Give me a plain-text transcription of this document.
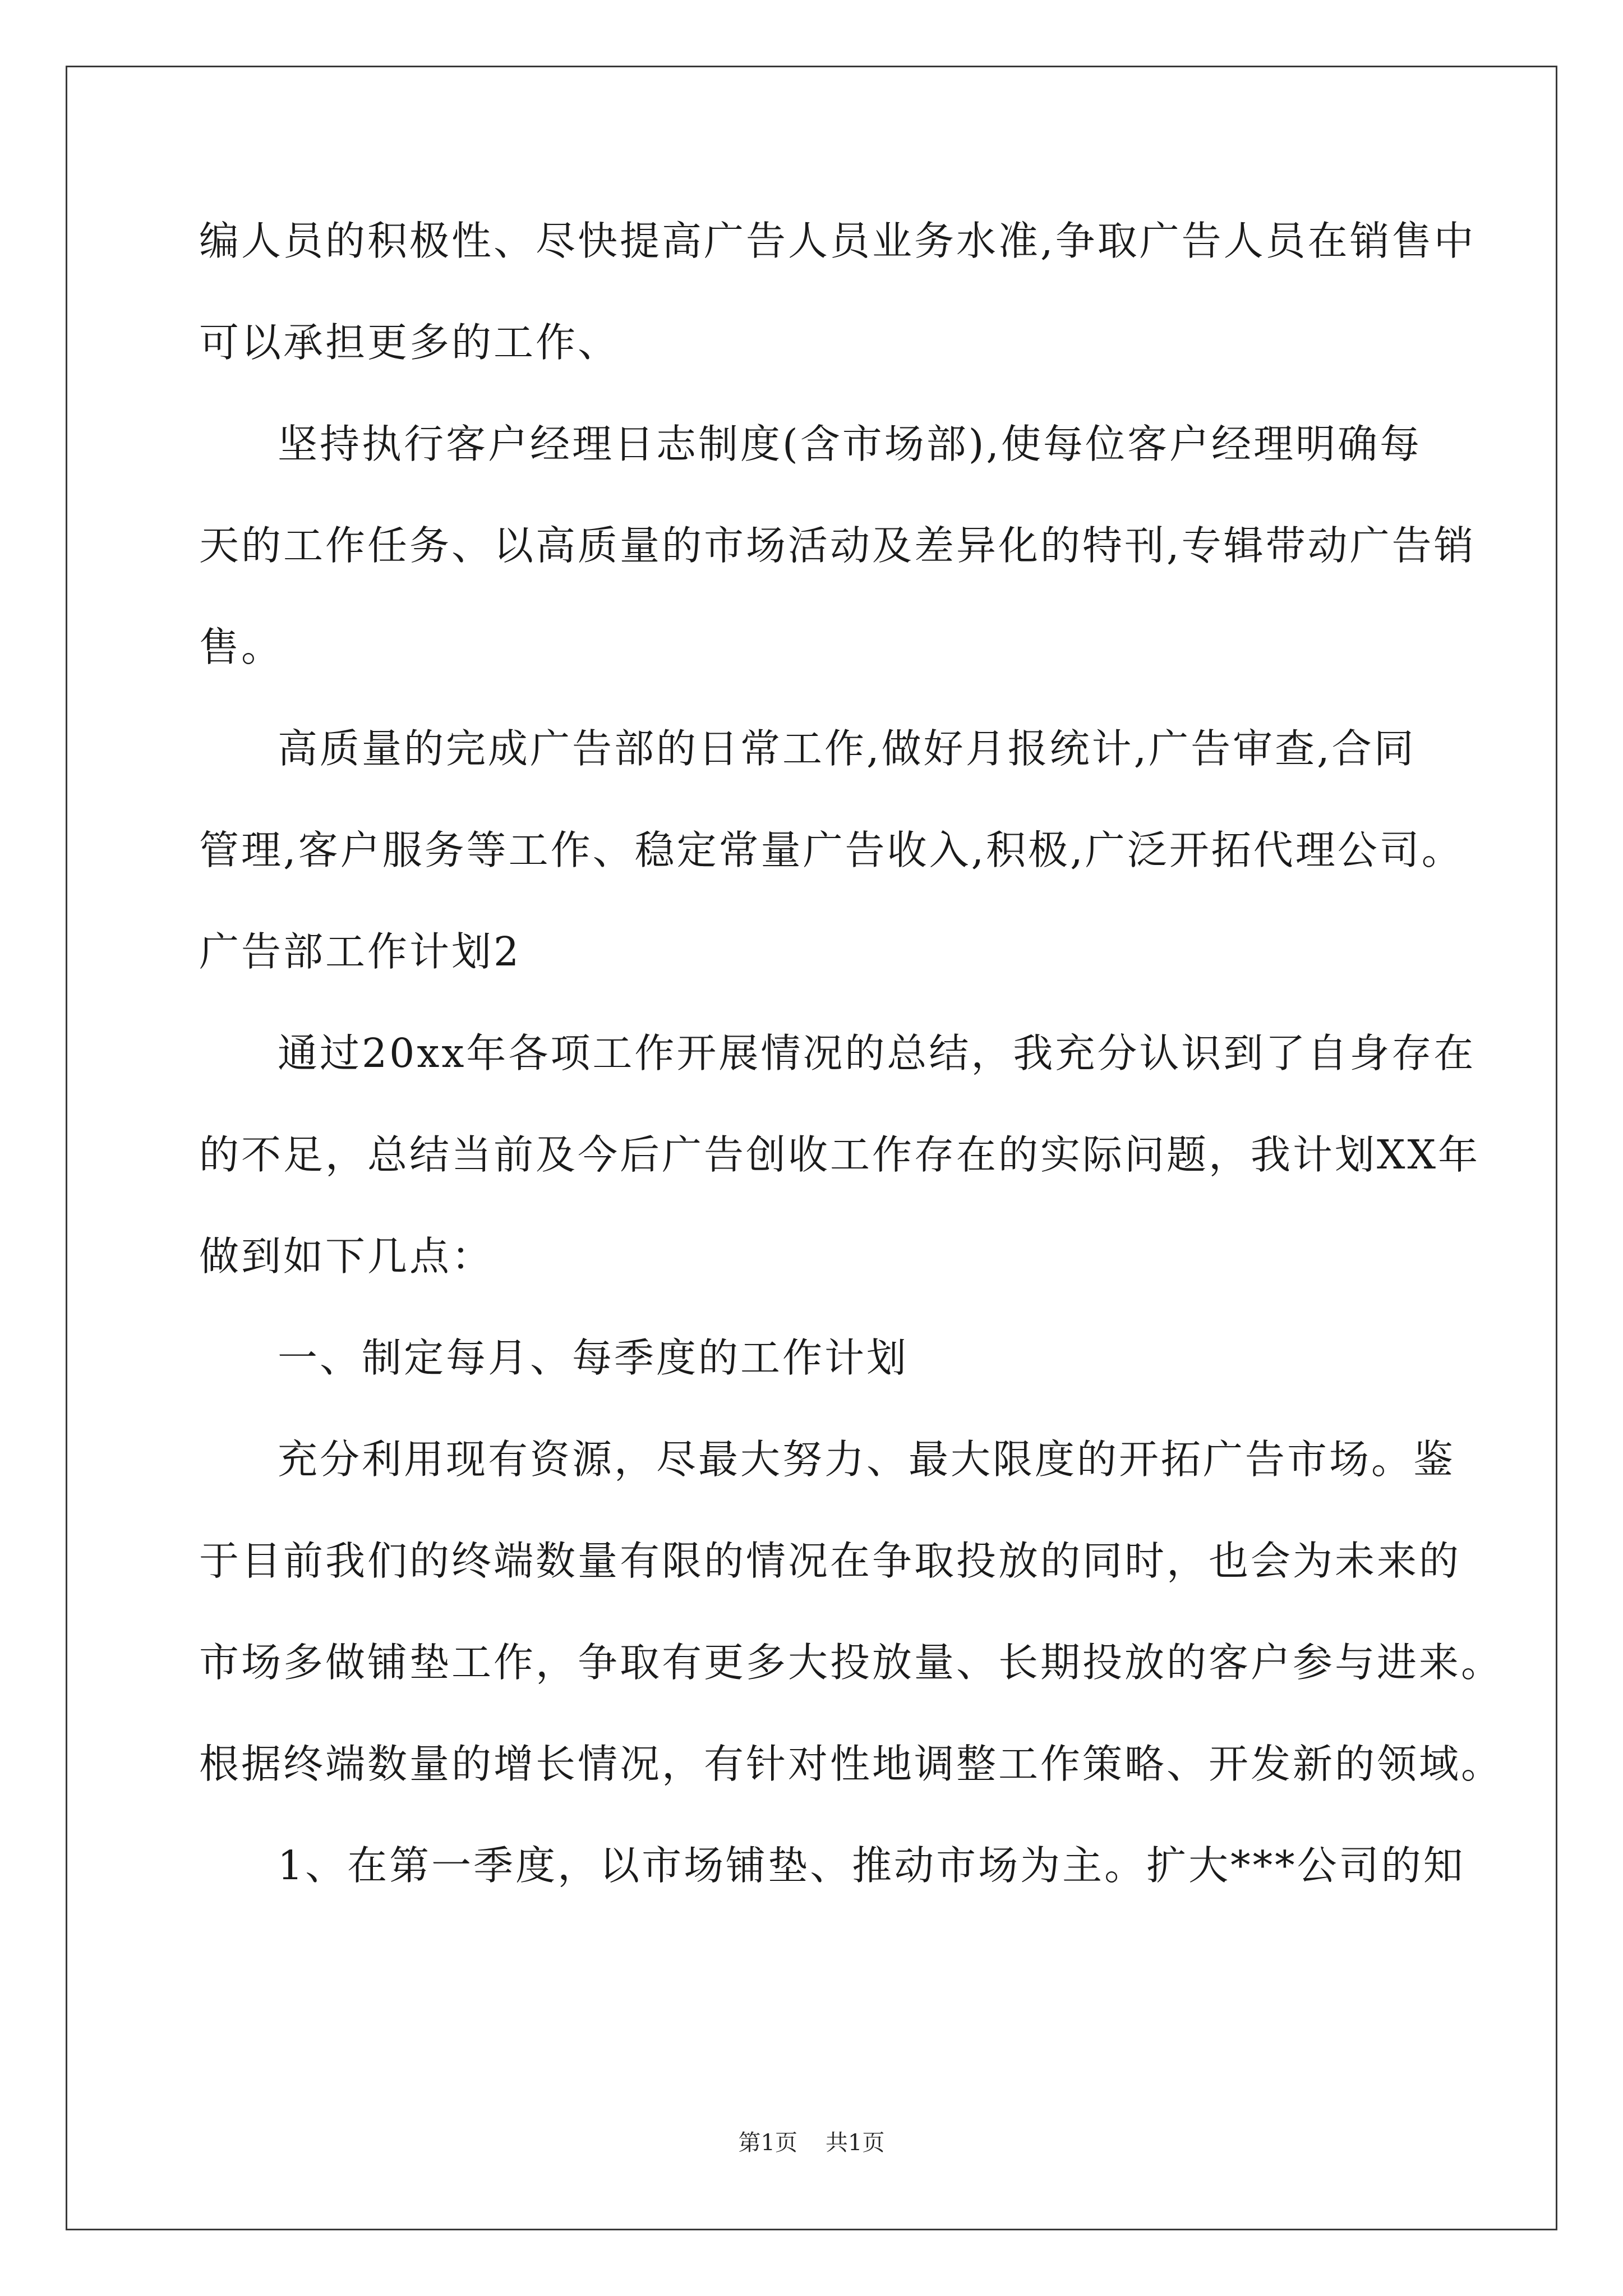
编人员的积极性、尽快提高广告人员业务水准,争取广告人员在销售中
可以承担更多的工作、
坚持执行客户经理日志制度(含市场部),使每位客户经理明确每
天的工作任务、以高质量的市场活动及差异化的特刊,专辑带动广告销
售。
高质量的完成广告部的日常工作,做好月报统计,广告审查,合同
管理,客户服务等工作、稳定常量广告收入,积极,广泛开拓代理公司。
广告部工作计划2
通过20xx年各项工作开展情况的总结，我充分认识到了自身存在
的不足，总结当前及今后广告创收工作存在的实际问题，我计划XX年
做到如下几点：
一、制定每月、每季度的工作计划
充分利用现有资源，尽最大努力、最大限度的开拓广告市场。鉴
于目前我们的终端数量有限的情况在争取投放的同时，也会为未来的
市场多做铺垫工作，争取有更多大投放量、长期投放的客户参与进来。
根据终端数量的增长情况，有针对性地调整工作策略、开发新的领域。
1、在第一季度，以市场铺垫、推动市场为主。扩大***公司的知
第1页 共1页
